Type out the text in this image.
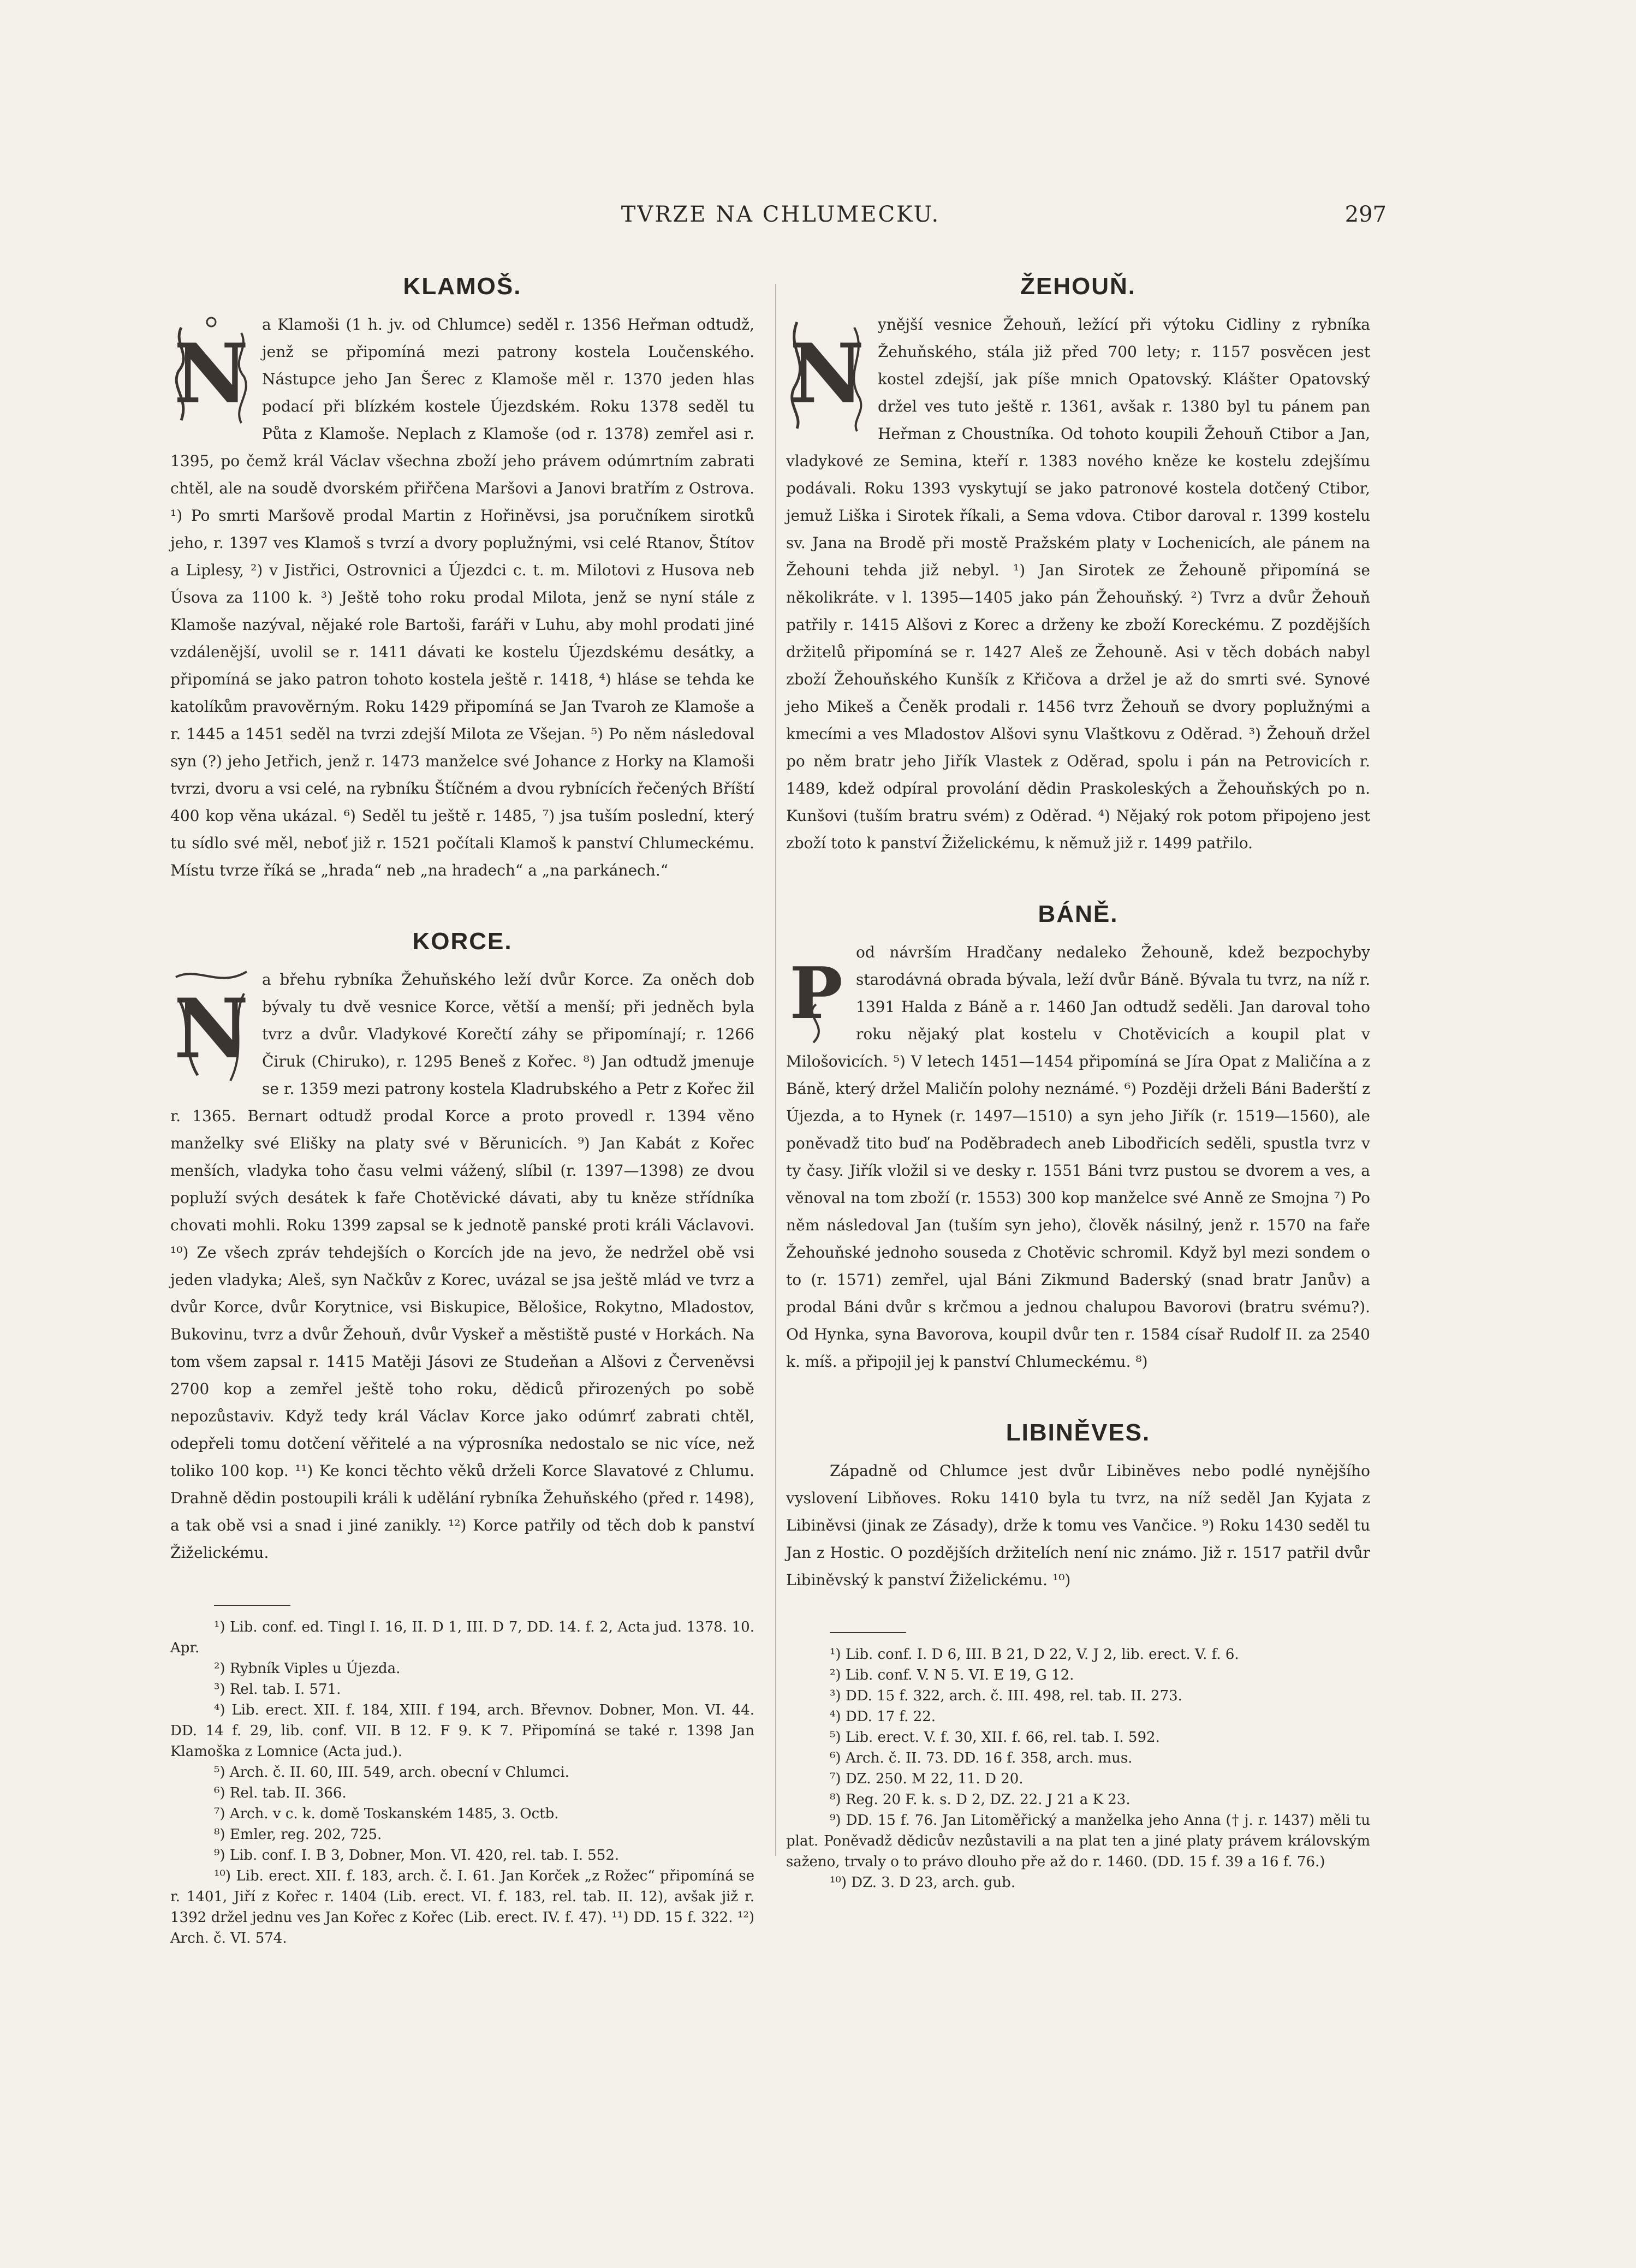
TVRZE NA CHLUMECKU.	297
KLAMOŠ.
N

a Klamoši (1 h. jv. od Chlumce) seděl r. 1356 Heřman odtudž, jenž se připomíná mezi patrony kostela Loučenského. Nástupce jeho Jan Šerec z Klamoše měl r. 1370 jeden hlas podací při blízkém kostele Újezdském. Roku 1378 seděl tu Půta z Klamoše. Neplach z Klamoše (od r. 1378) zemřel asi r. 1395, po čemž král Václav všechna zboží jeho právem odúmrtním zabrati chtěl, ale na soudě dvorském přiřčena Maršovi a Janovi bratřím z Ostrova. ¹) Po smrti Maršově prodal Martin z Hořiněvsi, jsa poručníkem sirotků jeho, r. 1397 ves Klamoš s tvrzí a dvory poplužnými, vsi celé Rtanov, Štítov a Liplesy, ²) v Jistřici, Ostrovnici a Újezdci c. t. m. Milotovi z Husova neb Úsova za 1100 k. ³) Ještě toho roku prodal Milota, jenž se nyní stále z Klamoše nazýval, nějaké role Bartoši, faráři v Luhu, aby mohl prodati jiné vzdálenější, uvolil se r. 1411 dávati ke kostelu Újezdskému desátky, a připomíná se jako patron tohoto kostela ještě r. 1418, ⁴) hláse se tehda ke katolíkům pravověrným. Roku 1429 připomíná se Jan Tvaroh ze Klamoše a r. 1445 a 1451 seděl na tvrzi zdejší Milota ze Všejan. ⁵) Po něm následoval syn (?) jeho Jetřich, jenž r. 1473 manželce své Johance z Horky na Klamoši tvrzi, dvoru a vsi celé, na rybníku Štíčném a dvou rybnících řečených Bříští 400 kop věna ukázal. ⁶) Seděl tu ještě r. 1485, ⁷) jsa tuším poslední, který tu sídlo své měl, neboť již r. 1521 počítali Klamoš k panství Chlumeckému. Místu tvrze říká se „hrada“ neb „na hradech“ a „na parkánech.“

KORCE.
N

a břehu rybníka Žehuňského leží dvůr Korce. Za oněch dob bývaly tu dvě vesnice Korce, větší a menší; při jedněch byla tvrz a dvůr. Vladykové Korečtí záhy se připomínají; r. 1266 Čiruk (Chiruko), r. 1295 Beneš z Kořec. ⁸) Jan odtudž jmenuje se r. 1359 mezi patrony kostela Kladrubského a Petr z Kořec žil r. 1365. Bernart odtudž prodal Korce a proto provedl r. 1394 věno manželky své Elišky na platy své v Běrunicích. ⁹) Jan Kabát z Kořec menších, vladyka toho času velmi vážený, slíbil (r. 1397—1398) ze dvou popluží svých desátek k faře Chotěvické dávati, aby tu kněze střídníka chovati mohli. Roku 1399 zapsal se k jednotě panské proti králi Václavovi. ¹⁰) Ze všech zpráv tehdejších o Korcích jde na jevo, že nedržel obě vsi jeden vladyka; Aleš, syn Načkův z Korec, uvázal se jsa ještě mlád ve tvrz a dvůr Korce, dvůr Korytnice, vsi Biskupice, Bělošice, Rokytno, Mladostov, Bukovinu, tvrz a dvůr Žehouň, dvůr Vyskeř a městiště pusté v Horkách. Na tom všem zapsal r. 1415 Matěji Jásovi ze Studeňan a Alšovi z Červeněvsi 2700 kop a zemřel ještě toho roku, dědiců přirozených po sobě nepozůstaviv. Když tedy král Václav Korce jako odúmrť zabrati chtěl, odepřeli tomu dotčení věřitelé a na výprosníka nedostalo se nic více, než toliko 100 kop. ¹¹) Ke konci těchto věků drželi Korce Slavatové z Chlumu. Drahně dědin postoupili králi k udělání rybníka Žehuňského (před r. 1498), a tak obě vsi a snad i jiné zanikly. ¹²) Korce patřily od těch dob k panství Žiželickému.

¹) Lib. conf. ed. Tingl I. 16, II. D 1, III. D 7, DD. 14. f. 2, Acta jud. 1378. 10. Apr.

²) Rybník Viples u Újezda.

³) Rel. tab. I. 571.

⁴) Lib. erect. XII. f. 184, XIII. f 194, arch. Břevnov. Dobner, Mon. VI. 44. DD. 14 f. 29, lib. conf. VII. B 12. F 9. K 7. Připomíná se také r. 1398 Jan Klamoška z Lomnice (Acta jud.).

⁵) Arch. č. II. 60, III. 549, arch. obecní v Chlumci.

⁶) Rel. tab. II. 366.

⁷) Arch. v c. k. domě Toskanském 1485, 3. Octb.

⁸) Emler, reg. 202, 725.

⁹) Lib. conf. I. B 3, Dobner, Mon. VI. 420, rel. tab. I. 552.

¹⁰) Lib. erect. XII. f. 183, arch. č. I. 61. Jan Korček „z Rožec“ připomíná se r. 1401, Jiří z Kořec r. 1404 (Lib. erect. VI. f. 183, rel. tab. II. 12), avšak již r. 1392 držel jednu ves Jan Kořec z Kořec (Lib. erect. IV. f. 47). ¹¹) DD. 15 f. 322. ¹²) Arch. č. VI. 574.

ŽEHOUŇ.
N

ynější vesnice Žehouň, ležící při výtoku Cidliny z rybníka Žehuňského, stála již před 700 lety; r. 1157 posvěcen jest kostel zdejší, jak píše mnich Opatovský. Klášter Opatovský držel ves tuto ještě r. 1361, avšak r. 1380 byl tu pánem pan Heřman z Choustníka. Od tohoto koupili Žehouň Ctibor a Jan, vladykové ze Semina, kteří r. 1383 nového kněze ke kostelu zdejšímu podávali. Roku 1393 vyskytují se jako patronové kostela dotčený Ctibor, jemuž Liška i Sirotek říkali, a Sema vdova. Ctibor daroval r. 1399 kostelu sv. Jana na Brodě při mostě Pražském platy v Lochenicích, ale pánem na Žehouni tehda již nebyl. ¹) Jan Sirotek ze Žehouně připomíná se několikráte. v l. 1395—1405 jako pán Žehouňský. ²) Tvrz a dvůr Žehouň patřily r. 1415 Alšovi z Korec a drženy ke zboží Koreckému. Z pozdějších držitelů připomíná se r. 1427 Aleš ze Žehouně. Asi v těch dobách nabyl zboží Žehouňského Kunšík z Křičova a držel je až do smrti své. Synové jeho Mikeš a Čeněk prodali r. 1456 tvrz Žehouň se dvory poplužnými a kmecími a ves Mladostov Alšovi synu Vlaštkovu z Oděrad. ³) Žehouň držel po něm bratr jeho Jiřík Vlastek z Oděrad, spolu i pán na Petrovicích r. 1489, kdež odpíral provolání dědin Praskoleských a Žehouňských po n. Kunšovi (tuším bratru svém) z Oděrad. ⁴) Nějaký rok potom připojeno jest zboží toto k panství Žiželickému, k němuž již r. 1499 patřilo.

BÁNĚ.
P od návrším Hradčany nedaleko Žehouně, kdež bezpochyby starodávná obrada bývala, leží dvůr Báně. Bývala tu tvrz, na níž r. 1391 Halda z Báně a r. 1460 Jan odtudž seděli. Jan daroval toho roku nějaký plat kostelu v Chotěvicích a koupil plat v Milošovicích. ⁵) V letech 1451—1454 připomíná se Jíra Opat z Maličína a z Báně, který držel Maličín polohy neznámé. ⁶) Později drželi Báni Baderští z Újezda, a to Hynek (r. 1497—1510) a syn jeho Jiřík (r. 1519—1560), ale poněvadž tito buď na Poděbradech aneb Libodřicích seděli, spustla tvrz v ty časy. Jiřík vložil si ve desky r. 1551 Báni tvrz pustou se dvorem a ves, a věnoval na tom zboží (r. 1553) 300 kop manželce své Anně ze Smojna ⁷) Po něm následoval Jan (tuším syn jeho), člověk násilný, jenž r. 1570 na faře Žehouňské jednoho souseda z Chotěvic schromil. Když byl mezi sondem o to (r. 1571) zemřel, ujal Báni Zikmund Baderský (snad bratr Janův) a prodal Báni dvůr s krčmou a jednou chalupou Bavorovi (bratru svému?). Od Hynka, syna Bavorova, koupil dvůr ten r. 1584 císař Rudolf II. za 2540 k. míš. a připojil jej k panství Chlumeckému. ⁸)

LIBINĚVES.

Západně od Chlumce jest dvůr Libiněves nebo podlé nynějšího vyslovení Libňoves. Roku 1410 byla tu tvrz, na níž seděl Jan Kyjata z Libiněvsi (jinak ze Zásady), drže k tomu ves Vančice. ⁹) Roku 1430 seděl tu Jan z Hostic. O pozdějších držitelích není nic známo. Již r. 1517 patřil dvůr Libiněvský k panství Žiželickému. ¹⁰)

¹) Lib. conf. I. D 6, III. B 21, D 22, V. J 2, lib. erect. V. f. 6.

²) Lib. conf. V. N 5. VI. E 19, G 12.

³) DD. 15 f. 322, arch. č. III. 498, rel. tab. II. 273.

⁴) DD. 17 f. 22.

⁵) Lib. erect. V. f. 30, XII. f. 66, rel. tab. I. 592.

⁶) Arch. č. II. 73. DD. 16 f. 358, arch. mus.

⁷) DZ. 250. M 22, 11. D 20.

⁸) Reg. 20 F. k. s. D 2, DZ. 22. J 21 a K 23.

⁹) DD. 15 f. 76. Jan Litoměřický a manželka jeho Anna († j. r. 1437) měli tu plat. Poněvadž dědicův nezůstavili a na plat ten a jiné platy právem královským saženo, trvaly o to právo dlouho pře až do r. 1460. (DD. 15 f. 39 a 16 f. 76.)

¹⁰) DZ. 3. D 23, arch. gub.
